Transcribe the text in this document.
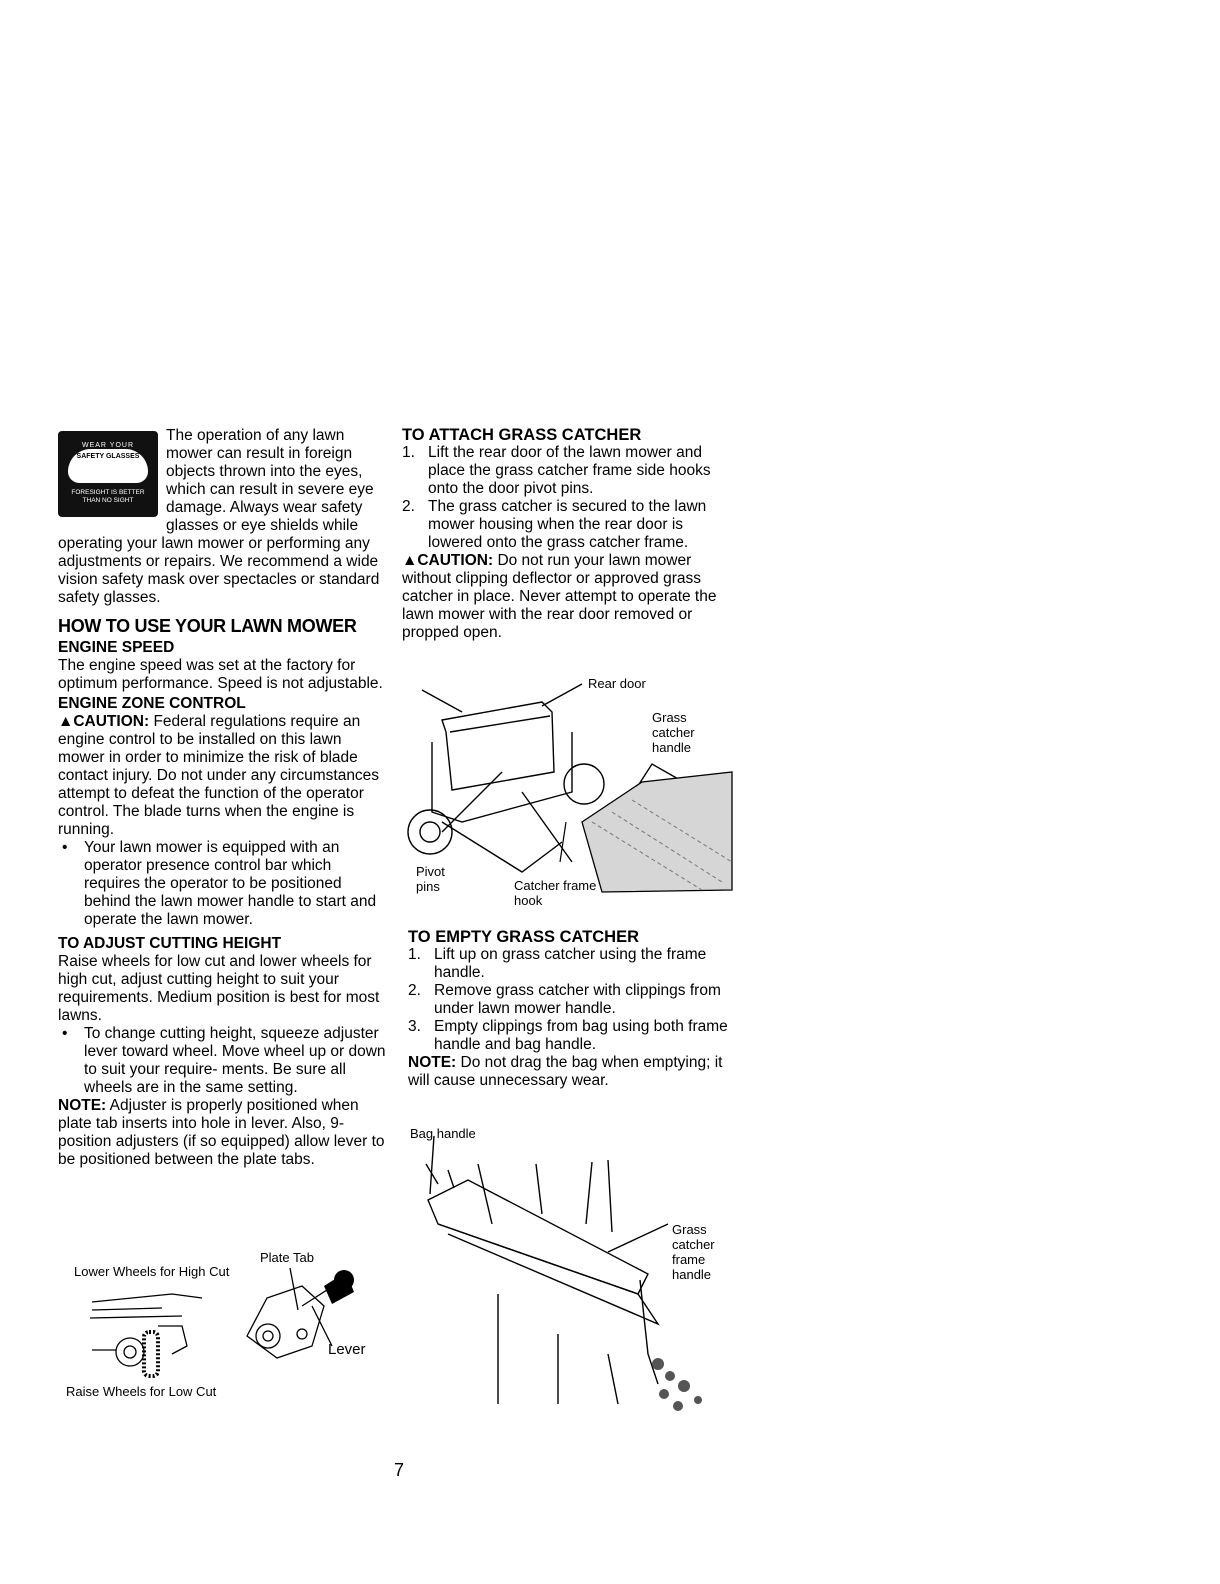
WEAR YOUR
SAFETY GLASSES
FORESIGHT IS BETTER
THAN NO SIGHT

The operation of any lawn mower can result in foreign objects thrown into the eyes, which can result in severe eye damage. Always wear safety glasses or eye shields while operating your lawn mower or performing any adjustments or repairs. We recommend a wide vision safety mask over spectacles or standard safety glasses.

HOW TO USE YOUR LAWN MOWER
ENGINE SPEED

The engine speed was set at the factory for optimum performance. Speed is not adjustable.

ENGINE ZONE CONTROL

▲CAUTION: Federal regulations require an engine control to be installed on this lawn mower in order to minimize the risk of blade contact injury. Do not under any circumstances attempt to defeat the function of the operator control. The blade turns when the engine is running.

• Your lawn mower is equipped with an operator presence control bar which requires the operator to be positioned behind the lawn mower handle to start and operate the lawn mower.
TO ADJUST CUTTING HEIGHT

Raise wheels for low cut and lower wheels for high cut, adjust cutting height to suit your requirements. Medium position is best for most lawns.

• To change cutting height, squeeze adjuster lever toward wheel. Move wheel up or down to suit your require- ments. Be sure all wheels are in the same setting.

NOTE: Adjuster is properly positioned when plate tab inserts into hole in lever. Also, 9-position adjusters (if so equipped) allow lever to be positioned between the plate tabs.

Plate Tab
Lower Wheels for High Cut
Lever
Raise Wheels for Low Cut
TO ATTACH GRASS CATCHER
1. Lift the rear door of the lawn mower and place the grass catcher frame side hooks onto the door pivot pins.
2. The grass catcher is secured to the lawn mower housing when the rear door is lowered onto the grass catcher frame.

▲CAUTION: Do not run your lawn mower without clipping deflector or approved grass catcher in place. Never attempt to operate the lawn mower with the rear door removed or propped open.

Rear door
Grass catcher handle
Pivot pins	Catcher frame hook
TO EMPTY GRASS CATCHER
1. Lift up on grass catcher using the frame handle.
2. Remove grass catcher with clippings from under lawn mower handle.
3. Empty clippings from bag using both frame handle and bag handle.

NOTE: Do not drag the bag when emptying; it will cause unnecessary wear.

Bag handle
Grass catcher frame handle
7
